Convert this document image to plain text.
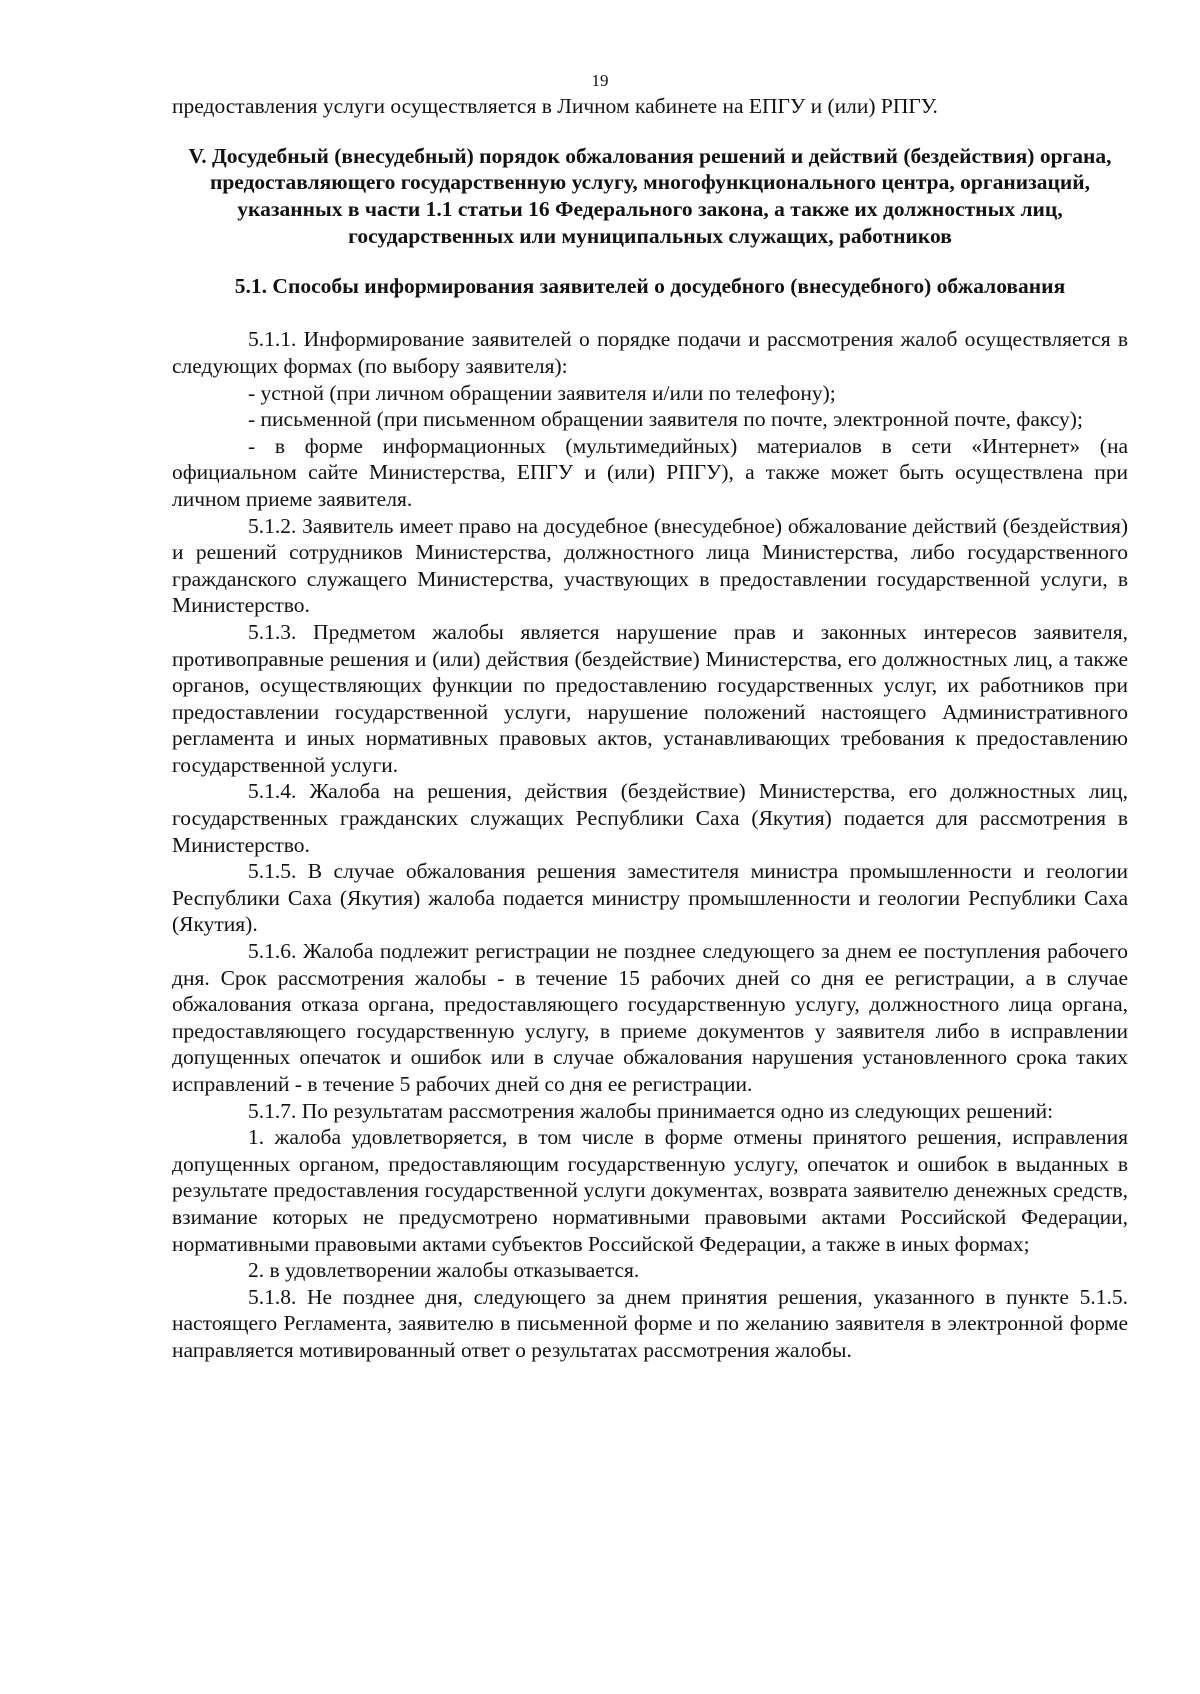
19

предоставления услуги осуществляется в Личном кабинете на ЕПГУ и (или) РПГУ.

V. Досудебный (внесудебный) порядок обжалования решений и действий (бездействия) органа, предоставляющего государственную услугу, многофункционального центра, организаций, указанных в части 1.1 статьи 16 Федерального закона, а также их должностных лиц, государственных или муниципальных служащих, работников

5.1. Способы информирования заявителей о досудебного (внесудебного) обжалования

5.1.1. Информирование заявителей о порядке подачи и рассмотрения жалоб осуществляется в следующих формах (по выбору заявителя):

- устной (при личном обращении заявителя и/или по телефону);

- письменной (при письменном обращении заявителя по почте, электронной почте, факсу);

- в форме информационных (мультимедийных) материалов в сети «Интернет» (на официальном сайте Министерства, ЕПГУ и (или) РПГУ), а также может быть осуществлена при личном приеме заявителя.

5.1.2. Заявитель имеет право на досудебное (внесудебное) обжалование действий (бездействия) и решений сотрудников Министерства, должностного лица Министерства, либо государственного гражданского служащего Министерства, участвующих в предоставлении государственной услуги, в Министерство.

5.1.3. Предметом жалобы является нарушение прав и законных интересов заявителя, противоправные решения и (или) действия (бездействие) Министерства, его должностных лиц, а также органов, осуществляющих функции по предоставлению государственных услуг, их работников при предоставлении государственной услуги, нарушение положений настоящего Административного регламента и иных нормативных правовых актов, устанавливающих требования к предоставлению государственной услуги.

5.1.4. Жалоба на решения, действия (бездействие) Министерства, его должностных лиц, государственных гражданских служащих Республики Саха (Якутия) подается для рассмотрения в Министерство.

5.1.5. В случае обжалования решения заместителя министра промышленности и геологии Республики Саха (Якутия) жалоба подается министру промышленности и геологии Республики Саха (Якутия).

5.1.6. Жалоба подлежит регистрации не позднее следующего за днем ее поступления рабочего дня. Срок рассмотрения жалобы - в течение 15 рабочих дней со дня ее регистрации, а в случае обжалования отказа органа, предоставляющего государственную услугу, должностного лица органа, предоставляющего государственную услугу, в приеме документов у заявителя либо в исправлении допущенных опечаток и ошибок или в случае обжалования нарушения установленного срока таких исправлений - в течение 5 рабочих дней со дня ее регистрации.

5.1.7. По результатам рассмотрения жалобы принимается одно из следующих решений:

1. жалоба удовлетворяется, в том числе в форме отмены принятого решения, исправления допущенных органом, предоставляющим государственную услугу, опечаток и ошибок в выданных в результате предоставления государственной услуги документах, возврата заявителю денежных средств, взимание которых не предусмотрено нормативными правовыми актами Российской Федерации, нормативными правовыми актами субъектов Российской Федерации, а также в иных формах;

2. в удовлетворении жалобы отказывается.

5.1.8. Не позднее дня, следующего за днем принятия решения, указанного в пункте 5.1.5. настоящего Регламента, заявителю в письменной форме и по желанию заявителя в электронной форме направляется мотивированный ответ о результатах рассмотрения жалобы.
